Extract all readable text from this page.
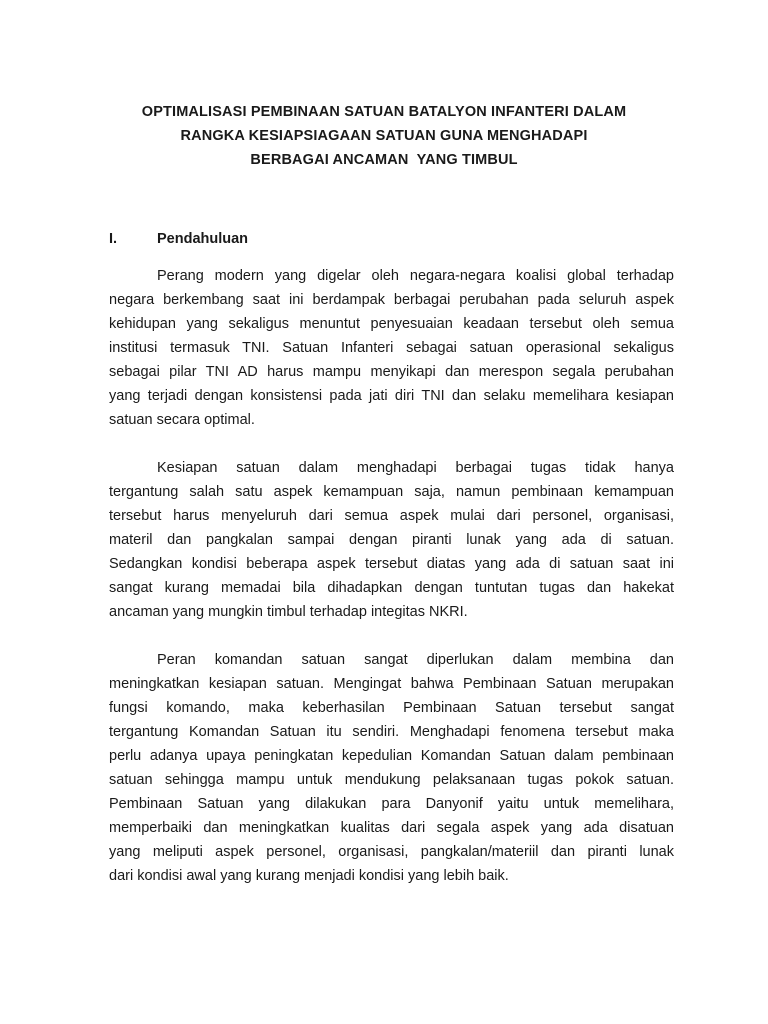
OPTIMALISASI PEMBINAAN SATUAN BATALYON INFANTERI DALAM
RANGKA KESIAPSIAGAAN SATUAN GUNA MENGHADAPI
BERBAGAI ANCAMAN  YANG TIMBUL
I.	Pendahuluan
Perang modern yang digelar oleh negara-negara koalisi global terhadap
negara berkembang saat ini berdampak berbagai perubahan pada seluruh aspek
kehidupan yang sekaligus menuntut penyesuaian keadaan tersebut oleh semua
institusi termasuk TNI. Satuan Infanteri sebagai satuan operasional sekaligus
sebagai pilar TNI AD harus mampu menyikapi dan merespon segala perubahan
yang terjadi dengan konsistensi pada jati diri TNI dan selaku memelihara kesiapan
satuan secara optimal.
Kesiapan satuan dalam menghadapi berbagai tugas tidak hanya
tergantung salah satu aspek kemampuan saja, namun pembinaan kemampuan
tersebut harus menyeluruh dari semua aspek mulai dari personel, organisasi,
materil dan pangkalan sampai dengan piranti lunak yang ada di satuan.
Sedangkan kondisi beberapa aspek tersebut diatas yang ada di satuan saat ini
sangat kurang memadai bila dihadapkan dengan tuntutan tugas dan hakekat
ancaman yang mungkin timbul terhadap integitas NKRI.
Peran komandan satuan sangat diperlukan dalam membina dan
meningkatkan kesiapan satuan. Mengingat bahwa Pembinaan Satuan merupakan
fungsi komando, maka keberhasilan Pembinaan Satuan tersebut sangat
tergantung Komandan Satuan itu sendiri. Menghadapi fenomena tersebut maka
perlu adanya upaya peningkatan kepedulian Komandan Satuan dalam pembinaan
satuan sehingga mampu untuk mendukung pelaksanaan tugas pokok satuan.
Pembinaan Satuan yang dilakukan para Danyonif yaitu untuk memelihara,
memperbaiki dan meningkatkan kualitas dari segala aspek yang ada disatuan
yang meliputi aspek personel, organisasi, pangkalan/materiil dan piranti lunak
dari kondisi awal yang kurang menjadi kondisi yang lebih baik.
